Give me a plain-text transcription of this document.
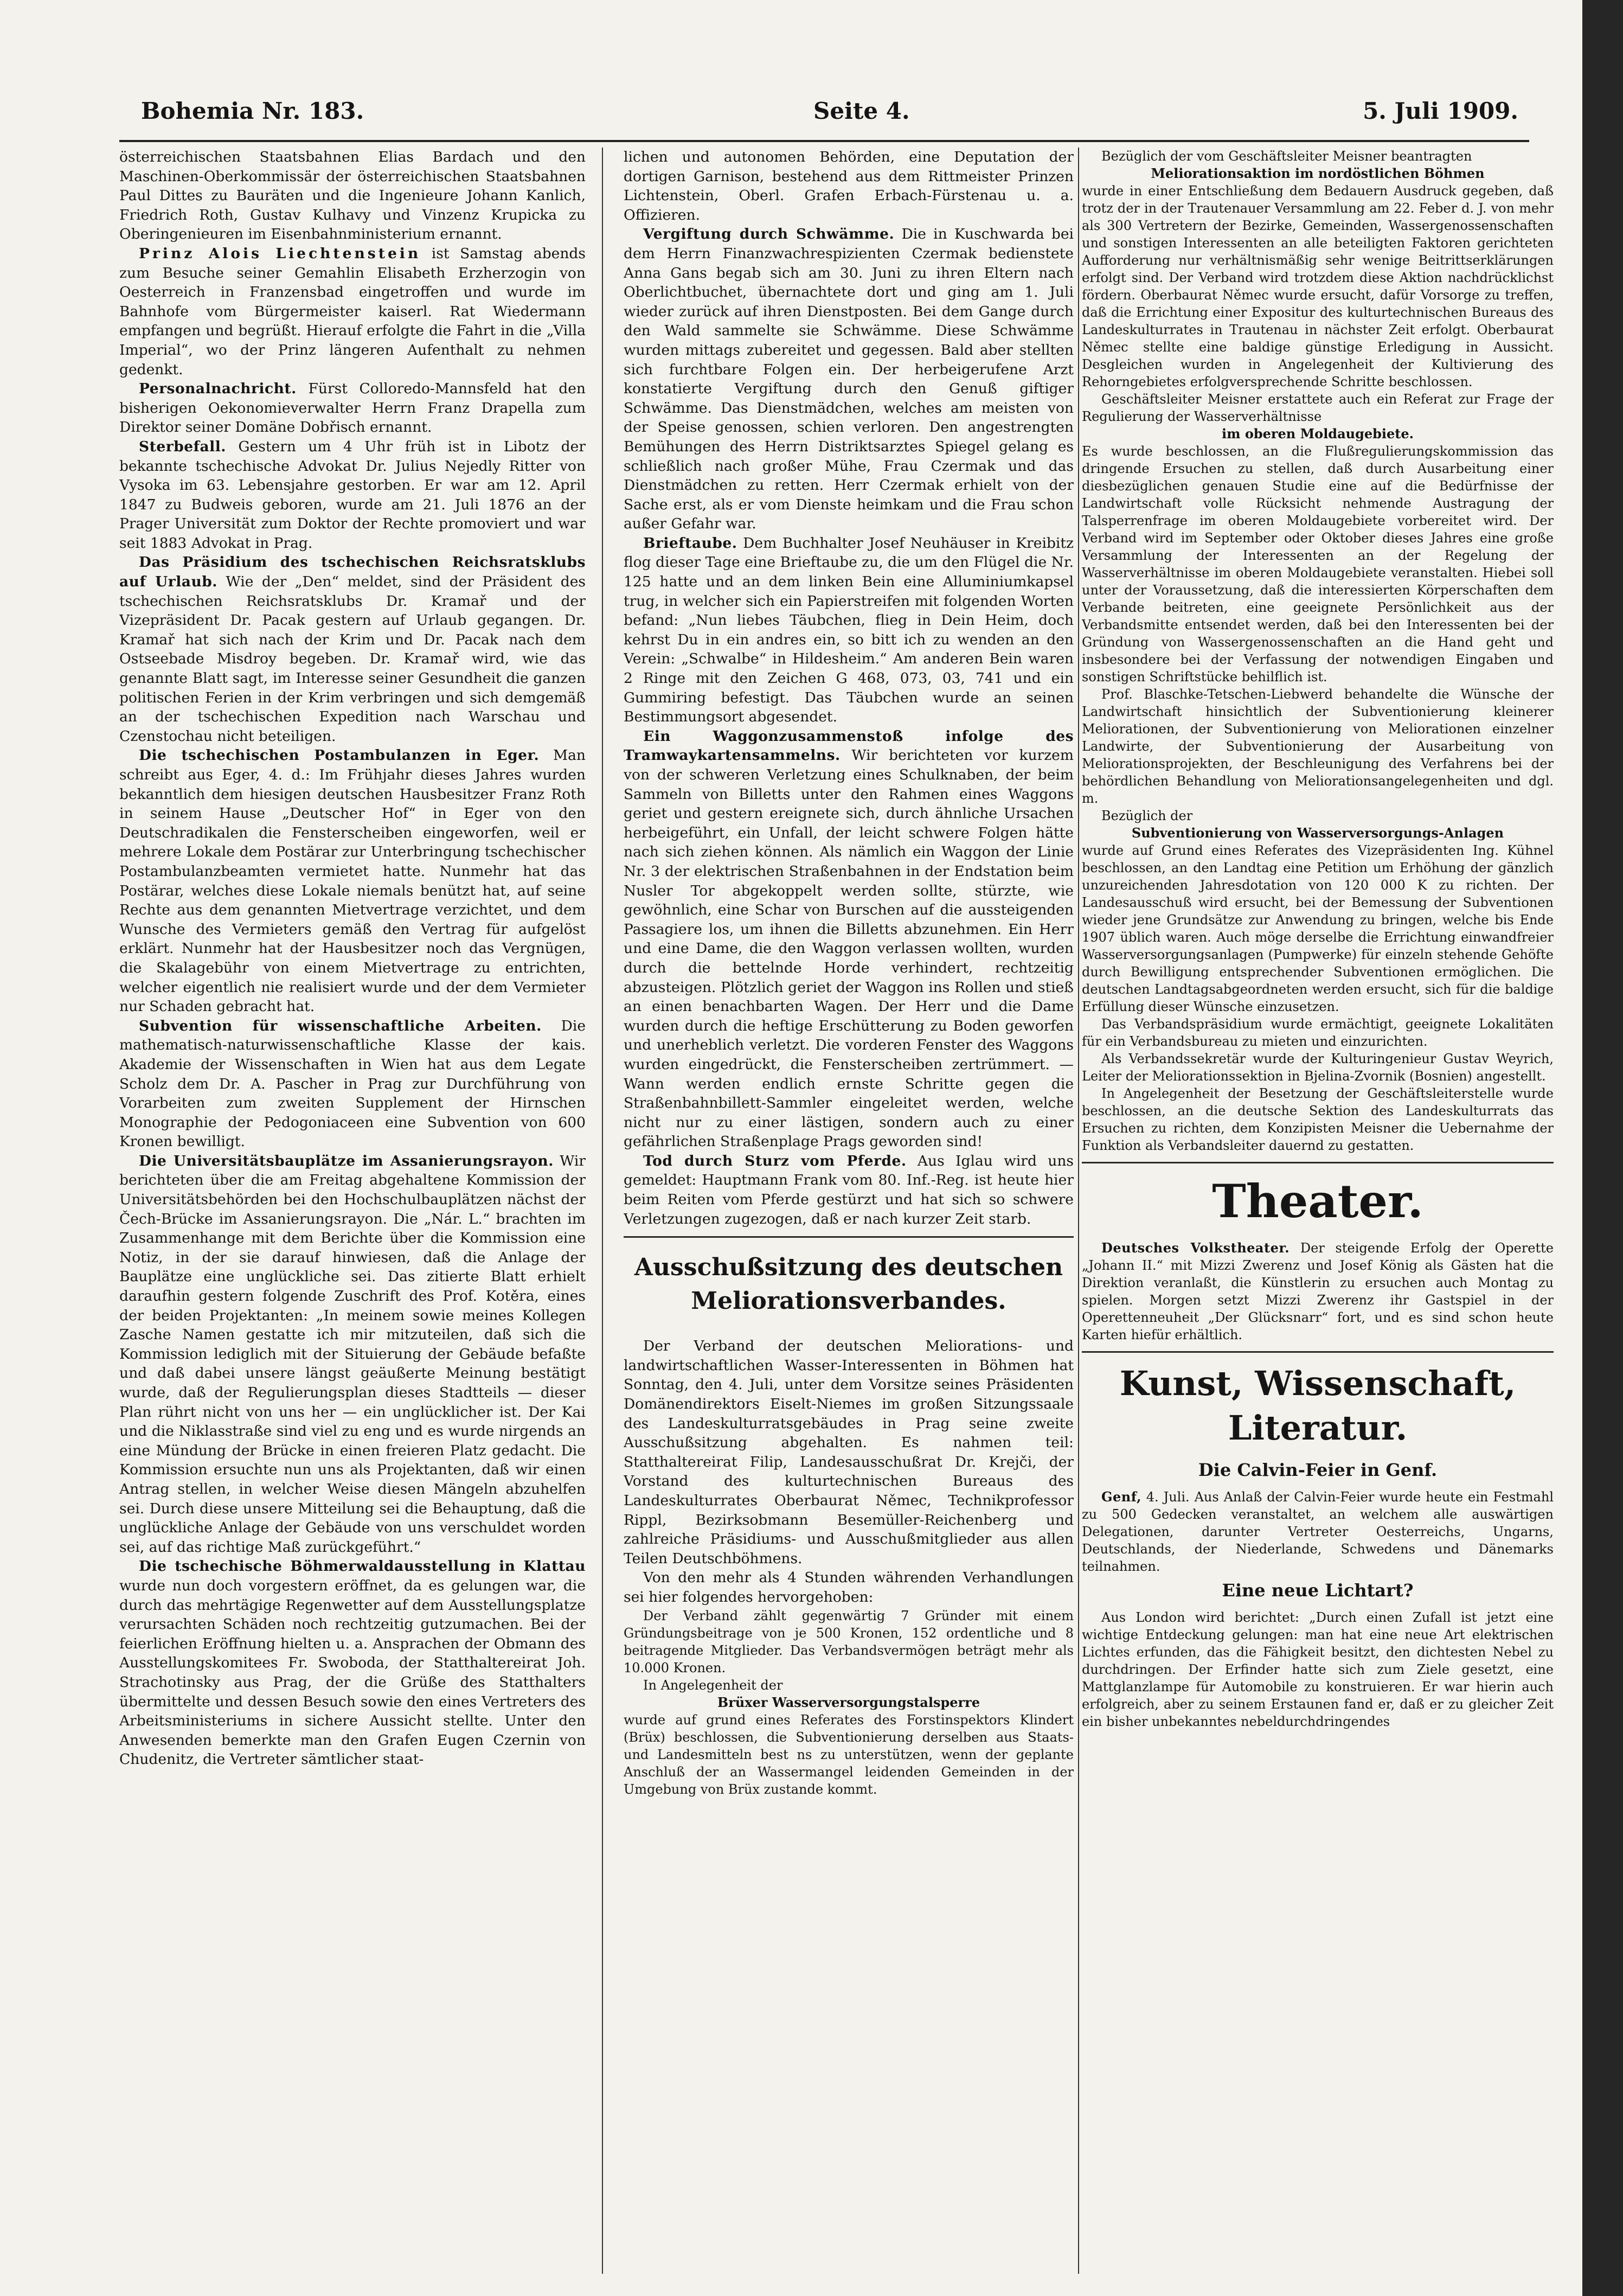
Bohemia Nr. 183.	Seite 4.	5. Juli 1909.

österreichischen Staatsbahnen Elias Bardach und den Maschinen-Oberkommissär der österreichischen Staatsbahnen Paul Dittes zu Bauräten und die Ingenieure Johann Kanlich, Friedrich Roth, Gustav Kulhavy und Vinzenz Krupicka zu Oberingenieuren im Eisenbahnministerium ernannt.

Prinz Alois Liechtenstein ist Samstag abends zum Besuche seiner Gemahlin Elisabeth Erzherzogin von Oesterreich in Franzensbad eingetroffen und wurde im Bahnhofe vom Bürgermeister kaiserl. Rat Wiedermann empfangen und begrüßt. Hierauf erfolgte die Fahrt in die „Villa Imperial“, wo der Prinz längeren Aufenthalt zu nehmen gedenkt.

Personalnachricht. Fürst Colloredo-Mannsfeld hat den bisherigen Oekonomieverwalter Herrn Franz Drapella zum Direktor seiner Domäne Dobřisch ernannt.

Sterbefall. Gestern um 4 Uhr früh ist in Libotz der bekannte tschechische Advokat Dr. Julius Nejedly Ritter von Vysoka im 63. Lebensjahre gestorben. Er war am 12. April 1847 zu Budweis geboren, wurde am 21. Juli 1876 an der Prager Universität zum Doktor der Rechte promoviert und war seit 1883 Advokat in Prag.

Das Präsidium des tschechischen Reichsratsklubs auf Urlaub. Wie der „Den“ meldet, sind der Präsident des tschechischen Reichsratsklubs Dr. Kramař und der Vizepräsident Dr. Pacak gestern auf Urlaub gegangen. Dr. Kramař hat sich nach der Krim und Dr. Pacak nach dem Ostseebade Misdroy begeben. Dr. Kramař wird, wie das genannte Blatt sagt, im Interesse seiner Gesundheit die ganzen politischen Ferien in der Krim verbringen und sich demgemäß an der tschechischen Expedition nach Warschau und Czenstochau nicht beteiligen.

Die tschechischen Postambulanzen in Eger. Man schreibt aus Eger, 4. d.: Im Frühjahr dieses Jahres wurden bekanntlich dem hiesigen deutschen Hausbesitzer Franz Roth in seinem Hause „Deutscher Hof“ in Eger von den Deutschradikalen die Fensterscheiben eingeworfen, weil er mehrere Lokale dem Postärar zur Unterbringung tschechischer Postambulanzbeamten vermietet hatte. Nunmehr hat das Postärar, welches diese Lokale niemals benützt hat, auf seine Rechte aus dem genannten Mietvertrage verzichtet, und dem Wunsche des Vermieters gemäß den Vertrag für aufgelöst erklärt. Nunmehr hat der Hausbesitzer noch das Vergnügen, die Skalagebühr von einem Mietvertrage zu entrichten, welcher eigentlich nie realisiert wurde und der dem Vermieter nur Schaden gebracht hat.

Subvention für wissenschaftliche Arbeiten. Die mathematisch-naturwissenschaftliche Klasse der kais. Akademie der Wissenschaften in Wien hat aus dem Legate Scholz dem Dr. A. Pascher in Prag zur Durchführung von Vorarbeiten zum zweiten Supplement der Hirnschen Monographie der Pedogoniaceen eine Subvention von 600 Kronen bewilligt.

Die Universitätsbauplätze im Assanierungsrayon. Wir berichteten über die am Freitag abgehaltene Kommission der Universitätsbehörden bei den Hochschulbauplätzen nächst der Čech-Brücke im Assanierungsrayon. Die „Nár. L.“ brachten im Zusammenhange mit dem Berichte über die Kommission eine Notiz, in der sie darauf hinwiesen, daß die Anlage der Bauplätze eine unglückliche sei. Das zitierte Blatt erhielt daraufhin gestern folgende Zuschrift des Prof. Kotěra, eines der beiden Projektanten: „In meinem sowie meines Kollegen Zasche Namen gestatte ich mir mitzuteilen, daß sich die Kommission lediglich mit der Situierung der Gebäude befaßte und daß dabei unsere längst geäußerte Meinung bestätigt wurde, daß der Regulierungsplan dieses Stadtteils — dieser Plan rührt nicht von uns her — ein unglücklicher ist. Der Kai und die Niklasstraße sind viel zu eng und es wurde nirgends an eine Mündung der Brücke in einen freieren Platz gedacht. Die Kommission ersuchte nun uns als Projektanten, daß wir einen Antrag stellen, in welcher Weise diesen Mängeln abzuhelfen sei. Durch diese unsere Mitteilung sei die Behauptung, daß die unglückliche Anlage der Gebäude von uns verschuldet worden sei, auf das richtige Maß zurückgeführt.“

Die tschechische Böhmerwaldausstellung in Klattau wurde nun doch vorgestern eröffnet, da es gelungen war, die durch das mehrtägige Regenwetter auf dem Ausstellungsplatze verursachten Schäden noch rechtzeitig gutzumachen. Bei der feierlichen Eröffnung hielten u. a. Ansprachen der Obmann des Ausstellungskomitees Fr. Swoboda, der Statthaltereirat Joh. Strachotinsky aus Prag, der die Grüße des Statthalters übermittelte und dessen Besuch sowie den eines Vertreters des Arbeitsministeriums in sichere Aussicht stellte. Unter den Anwesenden bemerkte man den Grafen Eugen Czernin von Chudenitz, die Vertreter sämtlicher staat-

lichen und autonomen Behörden, eine Deputation der dortigen Garnison, bestehend aus dem Rittmeister Prinzen Lichtenstein, Oberl. Grafen Erbach-Fürstenau u. a. Offizieren.

Vergiftung durch Schwämme. Die in Kuschwarda bei dem Herrn Finanzwachrespizienten Czermak bedienstete Anna Gans begab sich am 30. Juni zu ihren Eltern nach Oberlichtbuchet, übernachtete dort und ging am 1. Juli wieder zurück auf ihren Dienstposten. Bei dem Gange durch den Wald sammelte sie Schwämme. Diese Schwämme wurden mittags zubereitet und gegessen. Bald aber stellten sich furchtbare Folgen ein. Der herbeigerufene Arzt konstatierte Vergiftung durch den Genuß giftiger Schwämme. Das Dienstmädchen, welches am meisten von der Speise genossen, schien verloren. Den angestrengten Bemühungen des Herrn Distriktsarztes Spiegel gelang es schließlich nach großer Mühe, Frau Czermak und das Dienstmädchen zu retten. Herr Czermak erhielt von der Sache erst, als er vom Dienste heimkam und die Frau schon außer Gefahr war.

Brieftaube. Dem Buchhalter Josef Neuhäuser in Kreibitz flog dieser Tage eine Brieftaube zu, die um den Flügel die Nr. 125 hatte und an dem linken Bein eine Alluminiumkapsel trug, in welcher sich ein Papierstreifen mit folgenden Worten befand: „Nun liebes Täubchen, flieg in Dein Heim, doch kehrst Du in ein andres ein, so bitt ich zu wenden an den Verein: „Schwalbe“ in Hildesheim.“ Am anderen Bein waren 2 Ringe mit den Zeichen G 468, 073, 03, 741 und ein Gummiring befestigt. Das Täubchen wurde an seinen Bestimmungsort abgesendet.

Ein Waggonzusammenstoß infolge des Tramwaykartensammelns. Wir berichteten vor kurzem von der schweren Verletzung eines Schulknaben, der beim Sammeln von Billetts unter den Rahmen eines Waggons geriet und gestern ereignete sich, durch ähnliche Ursachen herbeigeführt, ein Unfall, der leicht schwere Folgen hätte nach sich ziehen können. Als nämlich ein Waggon der Linie Nr. 3 der elektrischen Straßenbahnen in der Endstation beim Nusler Tor abgekoppelt werden sollte, stürzte, wie gewöhnlich, eine Schar von Burschen auf die aussteigenden Passagiere los, um ihnen die Billetts abzunehmen. Ein Herr und eine Dame, die den Waggon verlassen wollten, wurden durch die bettelnde Horde verhindert, rechtzeitig abzusteigen. Plötzlich geriet der Waggon ins Rollen und stieß an einen benachbarten Wagen. Der Herr und die Dame wurden durch die heftige Erschütterung zu Boden geworfen und unerheblich verletzt. Die vorderen Fenster des Waggons wurden eingedrückt, die Fensterscheiben zertrümmert. — Wann werden endlich ernste Schritte gegen die Straßenbahnbillett-Sammler eingeleitet werden, welche nicht nur zu einer lästigen, sondern auch zu einer gefährlichen Straßenplage Prags geworden sind!

Tod durch Sturz vom Pferde. Aus Iglau wird uns gemeldet: Hauptmann Frank vom 80. Inf.-Reg. ist heute hier beim Reiten vom Pferde gestürzt und hat sich so schwere Verletzungen zugezogen, daß er nach kurzer Zeit starb.

Ausschußsitzung des deutschen Meliorationsverbandes.

Der Verband der deutschen Meliorations- und landwirtschaftlichen Wasser-Interessenten in Böhmen hat Sonntag, den 4. Juli, unter dem Vorsitze seines Präsidenten Domänendirektors Eiselt-Niemes im großen Sitzungssaale des Landeskulturratsgebäudes in Prag seine zweite Ausschußsitzung abgehalten. Es nahmen teil: Statthaltereirat Filip, Landesausschußrat Dr. Krejči, der Vorstand des kulturtechnischen Bureaus des Landeskulturrates Oberbaurat Němec, Technikprofessor Rippl, Bezirksobmann Besemüller-Reichenberg und zahlreiche Präsidiums- und Ausschußmitglieder aus allen Teilen Deutschböhmens.

Von den mehr als 4 Stunden währenden Verhandlungen sei hier folgendes hervorgehoben:

Der Verband zählt gegenwärtig 7 Gründer mit einem Gründungsbeitrage von je 500 Kronen, 152 ordentliche und 8 beitragende Mitglieder. Das Verbandsvermögen beträgt mehr als 10.000 Kronen.

In Angelegenheit der

Brüxer Wasserversorgungstalsperre

wurde auf grund eines Referates des Forstinspektors Klindert (Brüx) beschlossen, die Subventionierung derselben aus Staats- und Landesmitteln best ns zu unterstützen, wenn der geplante Anschluß der an Wassermangel leidenden Gemeinden in der Umgebung von Brüx zustande kommt.

Bezüglich der vom Geschäftsleiter Meisner beantragten

Meliorationsaktion im nordöstlichen Böhmen

wurde in einer Entschließung dem Bedauern Ausdruck gegeben, daß trotz der in der Trautenauer Versammlung am 22. Feber d. J. von mehr als 300 Vertretern der Bezirke, Gemeinden, Wassergenossenschaften und sonstigen Interessenten an alle beteiligten Faktoren gerichteten Aufforderung nur verhältnismäßig sehr wenige Beitrittserklärungen erfolgt sind. Der Verband wird trotzdem diese Aktion nachdrücklichst fördern. Oberbaurat Němec wurde ersucht, dafür Vorsorge zu treffen, daß die Errichtung einer Expositur des kulturtechnischen Bureaus des Landeskulturrates in Trautenau in nächster Zeit erfolgt. Oberbaurat Němec stellte eine baldige günstige Erledigung in Aussicht. Desgleichen wurden in Angelegenheit der Kultivierung des Rehorngebietes erfolgversprechende Schritte beschlossen.

Geschäftsleiter Meisner erstattete auch ein Referat zur Frage der Regulierung der Wasserverhältnisse

im oberen Moldaugebiete.

Es wurde beschlossen, an die Flußregulierungskommission das dringende Ersuchen zu stellen, daß durch Ausarbeitung einer diesbezüglichen genauen Studie eine auf die Bedürfnisse der Landwirtschaft volle Rücksicht nehmende Austragung der Talsperrenfrage im oberen Moldaugebiete vorbereitet wird. Der Verband wird im September oder Oktober dieses Jahres eine große Versammlung der Interessenten an der Regelung der Wasserverhältnisse im oberen Moldaugebiete veranstalten. Hiebei soll unter der Voraussetzung, daß die interessierten Körperschaften dem Verbande beitreten, eine geeignete Persönlichkeit aus der Verbandsmitte entsendet werden, daß bei den Interessenten bei der Gründung von Wassergenossenschaften an die Hand geht und insbesondere bei der Verfassung der notwendigen Eingaben und sonstigen Schriftstücke behilflich ist.

Prof. Blaschke-Tetschen-Liebwerd behandelte die Wünsche der Landwirtschaft hinsichtlich der Subventionierung kleinerer Meliorationen, der Subventionierung von Meliorationen einzelner Landwirte, der Subventionierung der Ausarbeitung von Meliorationsprojekten, der Beschleunigung des Verfahrens bei der behördlichen Behandlung von Meliorationsangelegenheiten und dgl. m.

Bezüglich der

Subventionierung von Wasserversorgungs-Anlagen

wurde auf Grund eines Referates des Vizepräsidenten Ing. Kühnel beschlossen, an den Landtag eine Petition um Erhöhung der gänzlich unzureichenden Jahresdotation von 120 000 K zu richten. Der Landesausschuß wird ersucht, bei der Bemessung der Subventionen wieder jene Grundsätze zur Anwendung zu bringen, welche bis Ende 1907 üblich waren. Auch möge derselbe die Errichtung einwandfreier Wasserversorgungsanlagen (Pumpwerke) für einzeln stehende Gehöfte durch Bewilligung entsprechender Subventionen ermöglichen. Die deutschen Landtagsabgeordneten werden ersucht, sich für die baldige Erfüllung dieser Wünsche einzusetzen.

Das Verbandspräsidium wurde ermächtigt, geeignete Lokalitäten für ein Verbandsbureau zu mieten und einzurichten.

Als Verbandssekretär wurde der Kulturingenieur Gustav Weyrich, Leiter der Meliorationssektion in Bjelina-Zvornik (Bosnien) angestellt.

In Angelegenheit der Besetzung der Geschäftsleiterstelle wurde beschlossen, an die deutsche Sektion des Landeskulturrats das Ersuchen zu richten, dem Konzipisten Meisner die Uebernahme der Funktion als Verbandsleiter dauernd zu gestatten.

Theater.

Deutsches Volkstheater. Der steigende Erfolg der Operette „Johann II.“ mit Mizzi Zwerenz und Josef König als Gästen hat die Direktion veranlaßt, die Künstlerin zu ersuchen auch Montag zu spielen. Morgen setzt Mizzi Zwerenz ihr Gastspiel in der Operettenneuheit „Der Glücksnarr“ fort, und es sind schon heute Karten hiefür erhältlich.

Kunst, Wissenschaft, Literatur.
Die Calvin-Feier in Genf.

Genf, 4. Juli. Aus Anlaß der Calvin-Feier wurde heute ein Festmahl zu 500 Gedecken veranstaltet, an welchem alle auswärtigen Delegationen, darunter Vertreter Oesterreichs, Ungarns, Deutschlands, der Niederlande, Schwedens und Dänemarks teilnahmen.

Eine neue Lichtart?

Aus London wird berichtet: „Durch einen Zufall ist jetzt eine wichtige Entdeckung gelungen: man hat eine neue Art elektrischen Lichtes erfunden, das die Fähigkeit besitzt, den dichtesten Nebel zu durchdringen. Der Erfinder hatte sich zum Ziele gesetzt, eine Mattglanzlampe für Automobile zu konstruieren. Er war hierin auch erfolgreich, aber zu seinem Erstaunen fand er, daß er zu gleicher Zeit ein bisher unbekanntes nebeldurchdringendes
